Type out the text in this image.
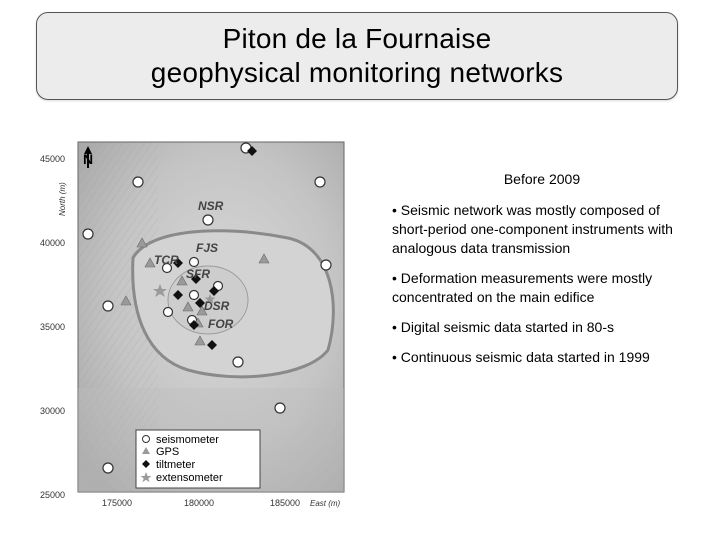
Piton de la Fournaise
geophysical monitoring networks
N
45000
40000
35000
30000
25000
North (m)
175000	180000	185000 East (m)
NSR
FJS
TCR
SFR
DSR
FOR
seismometer
GPS
tiltmeter
extensometer
Before 2009
• Seismic network was mostly composed of short-period one-component instruments with analogous data transmission
• Deformation measurements were mostly concentrated on the main edifice
• Digital seismic data started in 80-s
• Continuous seismic data started in 1999
